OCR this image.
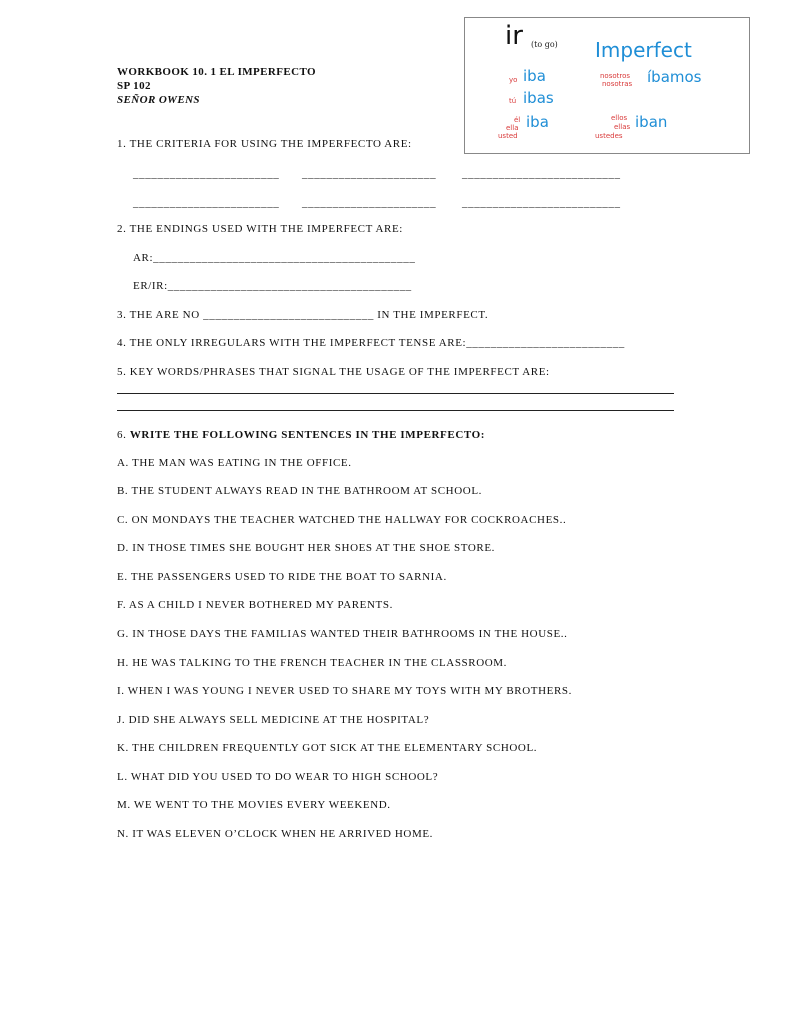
WORKBOOK 10. 1 EL IMPERFECTO
SP 102
SEÑOR OWENS
ir (to go) Imperfect
yo iba
tú ibas
él
ella
usted
iba
nosotros
nosotras íbamos
ellos
ellas
ustedes
iban
1. THE CRITERIA FOR USING THE IMPERFECTO ARE:
________________________ ______________________ __________________________
________________________ ______________________ __________________________
2. THE ENDINGS USED WITH THE IMPERFECT ARE:
AR:___________________________________________
ER/IR:________________________________________
3. THE ARE NO ____________________________ IN THE IMPERFECT.
4. THE ONLY IRREGULARS WITH THE IMPERFECT TENSE ARE:__________________________
5. KEY WORDS/PHRASES THAT SIGNAL THE USAGE OF THE IMPERFECT ARE:
6. WRITE THE FOLLOWING SENTENCES IN THE IMPERFECTO:
A. THE MAN WAS EATING IN THE OFFICE.
B. THE STUDENT ALWAYS READ IN THE BATHROOM AT SCHOOL.
C. ON MONDAYS THE TEACHER WATCHED THE HALLWAY FOR COCKROACHES..
D. IN THOSE TIMES SHE BOUGHT HER SHOES AT THE SHOE STORE.
E. THE PASSENGERS USED TO RIDE THE BOAT TO SARNIA.
F. AS A CHILD I NEVER BOTHERED MY PARENTS.
G. IN THOSE DAYS THE FAMILIAS WANTED THEIR BATHROOMS IN THE HOUSE..
H. HE WAS TALKING TO THE FRENCH TEACHER IN THE CLASSROOM.
I. WHEN I WAS YOUNG I NEVER USED TO SHARE MY TOYS WITH MY BROTHERS.
J. DID SHE ALWAYS SELL MEDICINE AT THE HOSPITAL?
K. THE CHILDREN FREQUENTLY GOT SICK AT THE ELEMENTARY SCHOOL.
L. WHAT DID YOU USED TO DO WEAR TO HIGH SCHOOL?
M. WE WENT TO THE MOVIES EVERY WEEKEND.
N. IT WAS ELEVEN O’CLOCK WHEN HE ARRIVED HOME.
